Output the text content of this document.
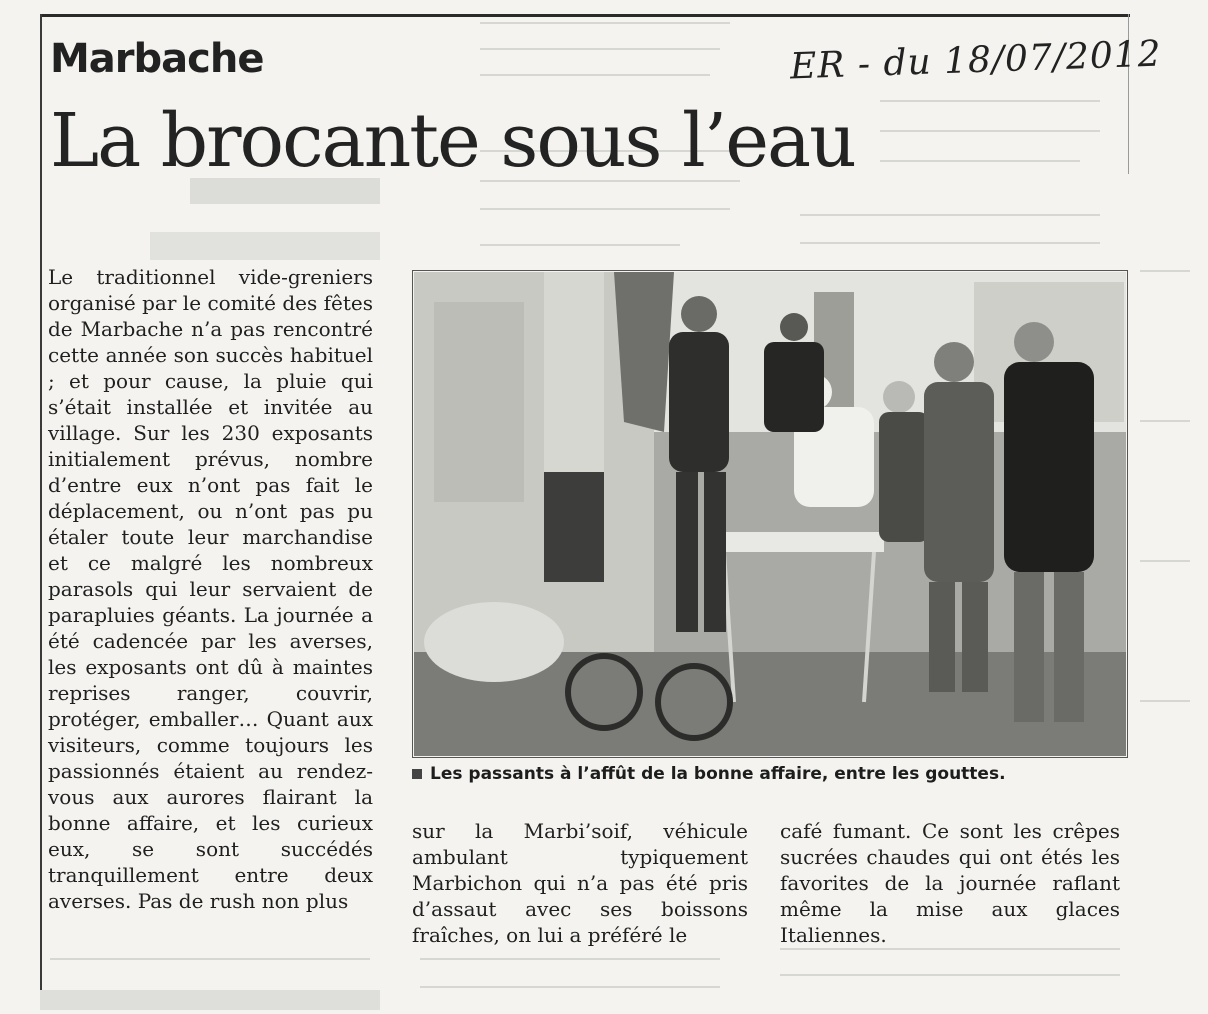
Marbache	ER - du 18/07/2012
La brocante sous l’eau

Le traditionnel vide-greniers organisé par le comité des fêtes de Marbache n’a pas rencontré cette année son succès habituel ; et pour cause, la pluie qui s’était installée et invitée au village. Sur les 230 exposants initialement prévus, nombre d’entre eux n’ont pas fait le déplacement, ou n’ont pas pu étaler toute leur marchandise et ce malgré les nombreux parasols qui leur servaient de parapluies géants. La journée a été cadencée par les averses, les exposants ont dû à maintes reprises ranger, couvrir, protéger, emballer… Quant aux visiteurs, comme toujours les passionnés étaient au rendez-vous aux aurores flairant la bonne affaire, et les curieux eux, se sont succédés tranquillement entre deux averses. Pas de rush non plus

Les passants à l’affût de la bonne affaire, entre les gouttes.

sur la Marbi’soif, véhicule ambulant typiquement Marbichon qui n’a pas été pris d’assaut avec ses boissons fraîches, on lui a préféré le

café fumant. Ce sont les crêpes sucrées chaudes qui ont étés les favorites de la journée raflant même la mise aux glaces Italiennes.
